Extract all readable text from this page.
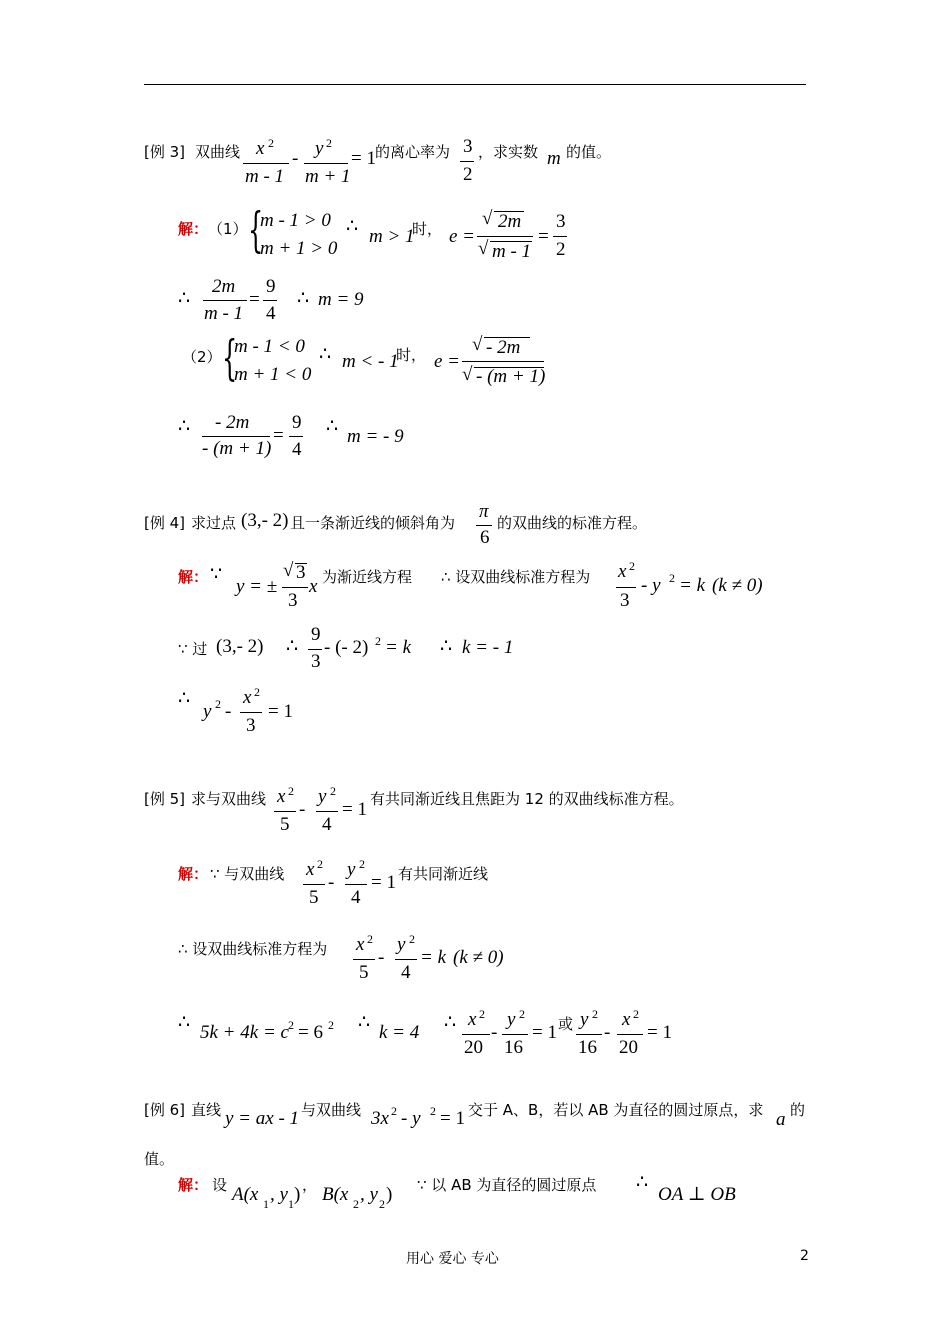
[例 3] 双曲线 x 2
m - 1
- y 2
m + 1
= 1 的离心率为 3
2
，求实数 m 的值。
解： （1） {
m - 1 > 0
m + 1 > 0
∴ m > 1
时， e =
√ 2m
√ m - 1
=
3
2
∴
2m
m - 1
=
9
4
∴ m = 9
（2） {
m - 1 < 0
m + 1 < 0
∴ m < - 1
时， e =
√ - 2m
√ - (m + 1)
∴ - 2m
- (m + 1)
=
9
4
∴ m = - 9
[例 4] 求过点 (3,- 2) 且一条渐近线的倾斜角为
π
6
的双曲线的标准方程。
解： ∵
y = ±
√ 3
3
x 为渐近线方程 ∴ 设双曲线标准方程为 x 2
3
- y 2 = k (k ≠ 0)
∵ 过 (3,- 2) ∴
9
3
- (- 2) 2 = k ∴ k = - 1
∴
y 2 -
x 2
3
= 1
[例 5] 求与双曲线 x 2
5
-
y 2
4
= 1 有共同渐近线且焦距为 12 的双曲线标准方程。
解： ∵ 与双曲线 x 2
5
-
y 2
4
= 1 有共同渐近线
∴ 设双曲线标准方程为 x 2
5
-
y 2
4
= k (k ≠ 0)
∴ 5k + 4k = c 2 = 6 2 ∴ k = 4 ∴ x 2
20
-
y 2
16
= 1 或 y 2
16
-
x 2
20
= 1
[例 6] 直线 y = ax - 1 与双曲线 3x 2 - y 2 = 1 交于 A、B，若以 AB 为直径的圆过原点，求 a 的
值。
解： 设 A(x 1 , y 1 ) ， B(x 2 , y 2 ) ∵ 以 AB 为直径的圆过原点 ∴
OA ⊥ OB
用心 爱心 专心	2
